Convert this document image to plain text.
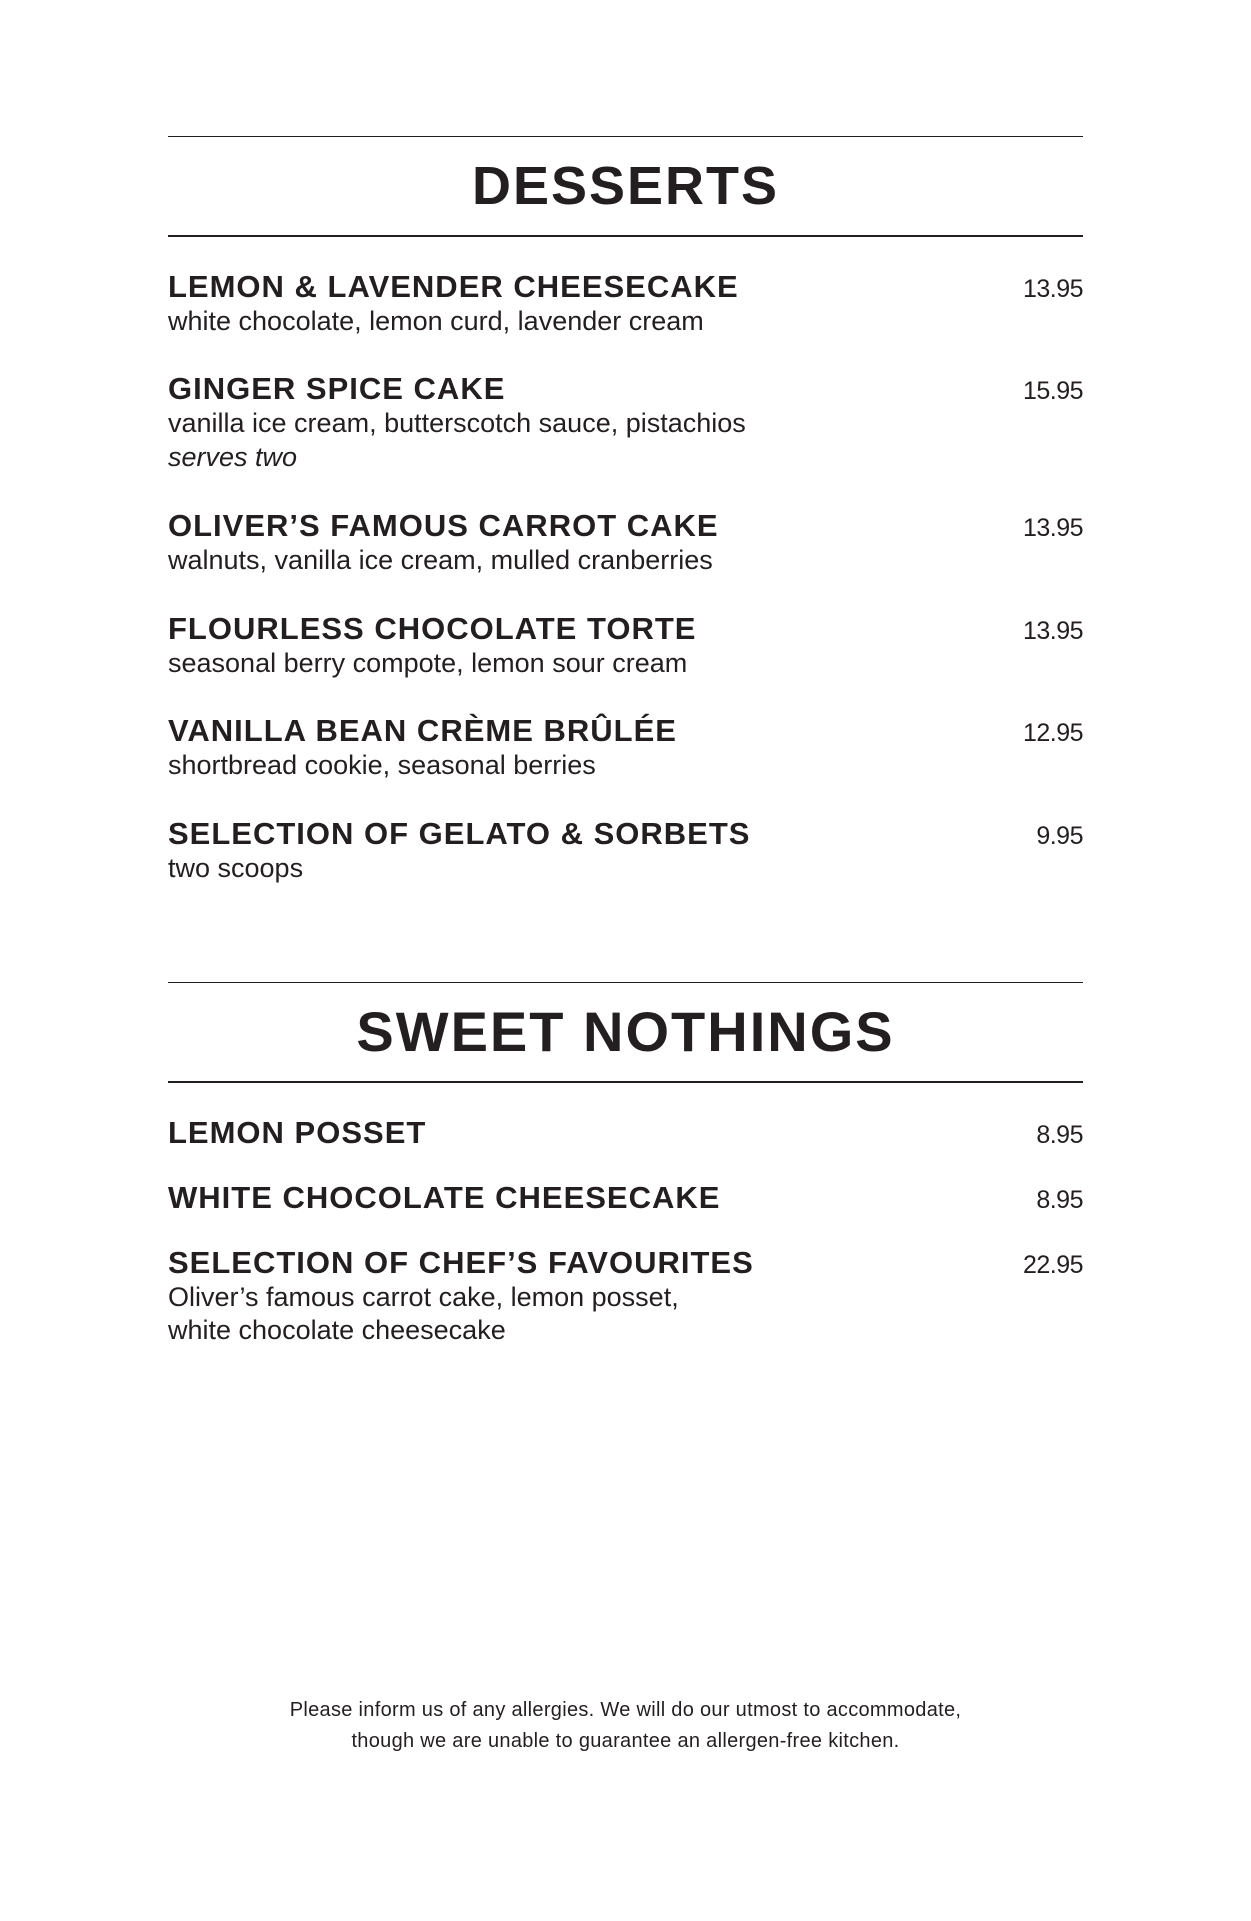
DESSERTS
LEMON & LAVENDER CHEESECAKE	13.95
white chocolate, lemon curd, lavender cream
GINGER SPICE CAKE	15.95
vanilla ice cream, butterscotch sauce, pistachios
serves two
OLIVER’S FAMOUS CARROT CAKE	13.95
walnuts, vanilla ice cream, mulled cranberries
FLOURLESS CHOCOLATE TORTE	13.95
seasonal berry compote, lemon sour cream
VANILLA BEAN CRÈME BRÛLÉE	12.95
shortbread cookie, seasonal berries
SELECTION OF GELATO & SORBETS	9.95
two scoops
SWEET NOTHINGS
LEMON POSSET	8.95
WHITE CHOCOLATE CHEESECAKE	8.95
SELECTION OF CHEF’S FAVOURITES	22.95
Oliver’s famous carrot cake, lemon posset,
white chocolate cheesecake
Please inform us of any allergies. We will do our utmost to accommodate,
though we are unable to guarantee an allergen-free kitchen.
